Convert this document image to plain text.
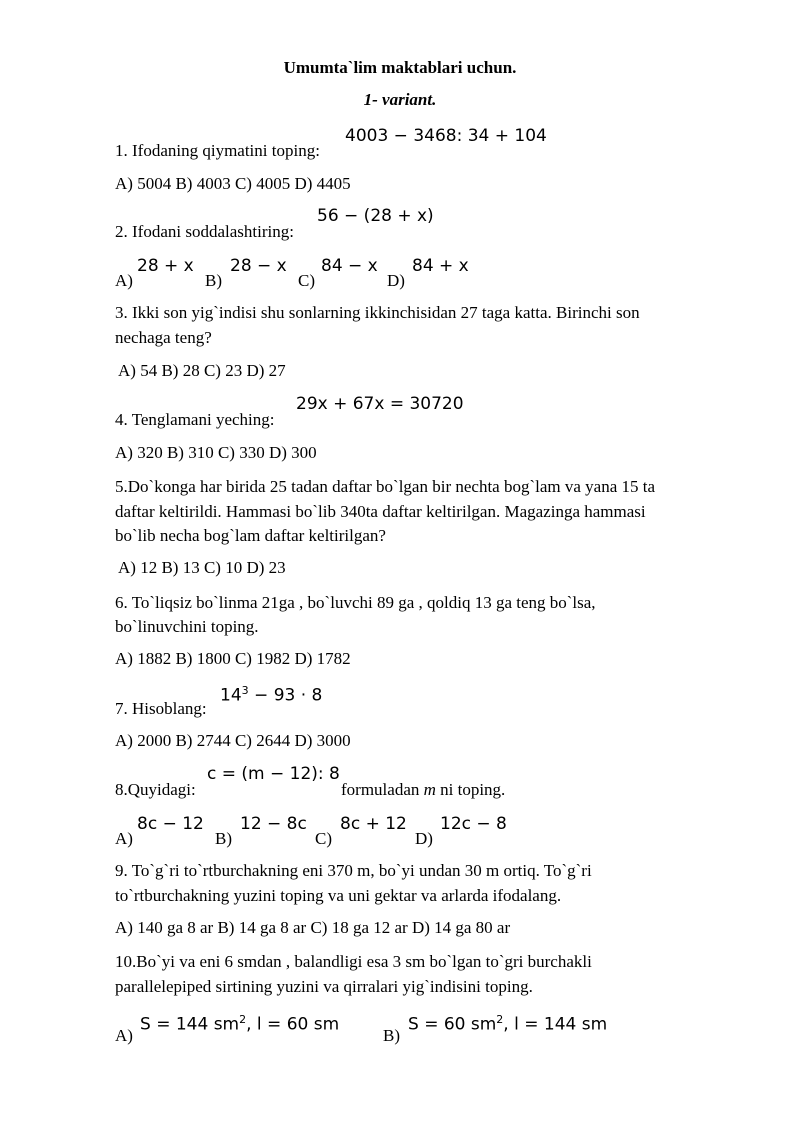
Umumta`lim maktablari uchun.
1- variant.
4003 − 3468: 34 + 104
1. Ifodaning qiymatini toping:
A) 5004 B) 4003 C) 4005 D) 4405
56 − (28 + x)
2. Ifodani soddalashtiring:
A)
28 + x
B)
28 − x
C)
84 − x
D)
84 + x
3. Ikki son yig`indisi shu sonlarning ikkinchisidan 27 taga katta. Birinchi son
nechaga teng?
A) 54 B) 28 C) 23 D) 27
29x + 67x = 30720
4. Tenglamani yeching:
A) 320 B) 310 C) 330 D) 300
5.Do`konga har birida 25 tadan daftar bo`lgan bir nechta bog`lam va yana 15 ta
daftar keltirildi. Hammasi bo`lib 340ta daftar keltirilgan. Magazinga hammasi
bo`lib necha bog`lam daftar keltirilgan?
A) 12 B) 13 C) 10 D) 23
6. To`liqsiz bo`linma 21ga , bo`luvchi 89 ga , qoldiq 13 ga teng bo`lsa,
bo`linuvchini toping.
A) 1882 B) 1800 C) 1982 D) 1782
$14^3 - 93 \cdot 8$
7. Hisoblang:
A) 2000 B) 2744 C) 2644 D) 3000
c = (m − 12): 8
8.Quyidagi:	formuladan m ni toping.
A)
8c − 12
B)
12 − 8c
C)
8c + 12
D)
12c − 8
9. To`g`ri to`rtburchakning eni 370 m, bo`yi undan 30 m ortiq. To`g`ri
to`rtburchakning yuzini toping va uni gektar va arlarda ifodalang.
A) 140 ga 8 ar B) 14 ga 8 ar C) 18 ga 12 ar D) 14 ga 80 ar
10.Bo`yi va eni 6 smdan , balandligi esa 3 sm bo`lgan to`gri burchakli
parallelepiped sirtining yuzini va qirralari yig`indisini toping.
A)
S = 144 $sm^2$, l = 60 sm
B)
S = 60 $sm^2$, l = 144 sm
